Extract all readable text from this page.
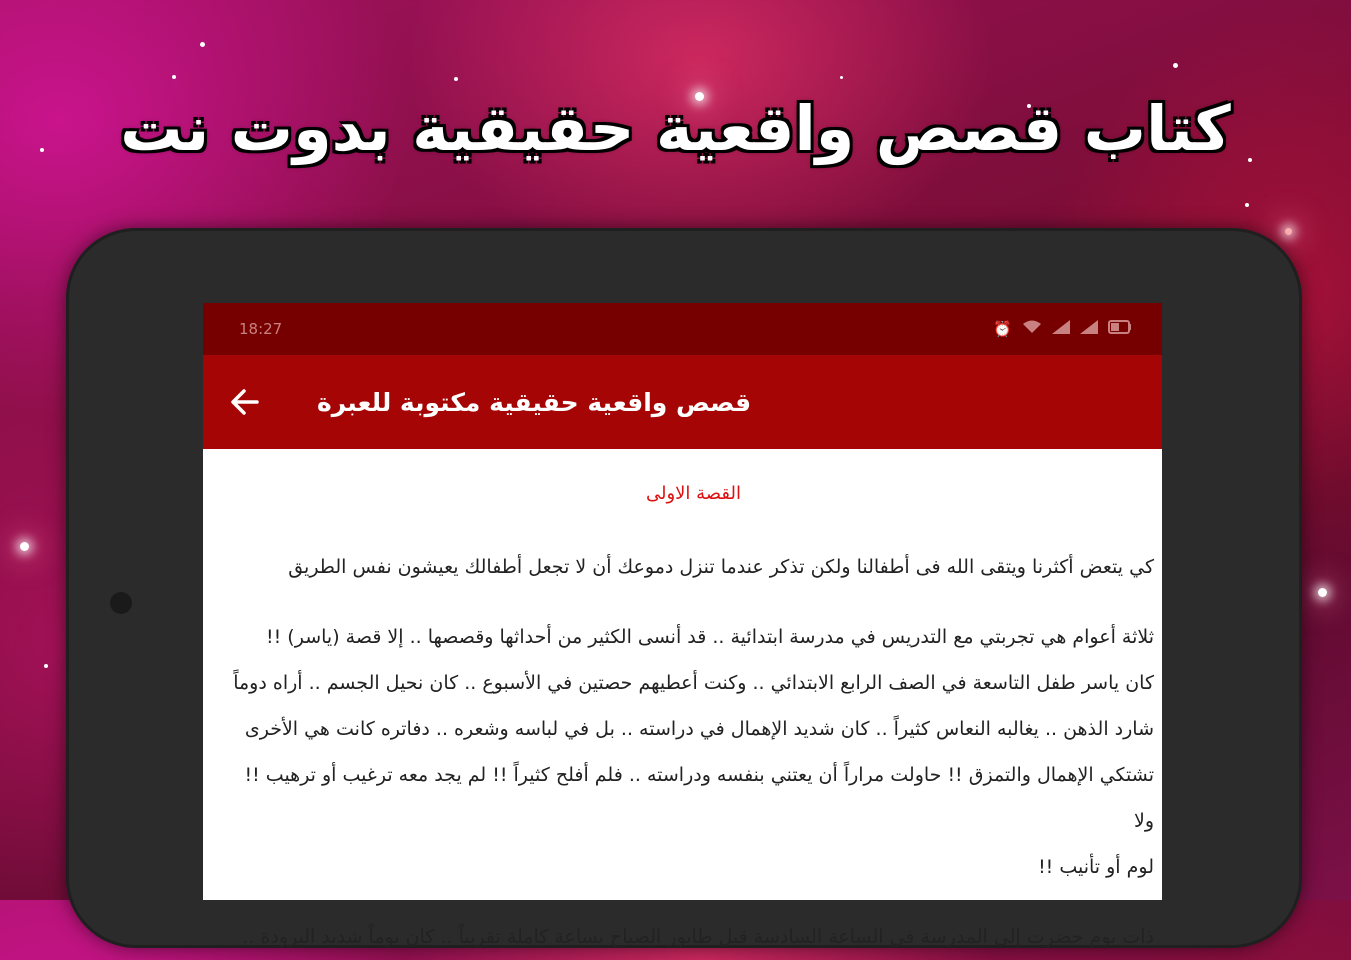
كتاب قصص واقعية حقيقية بدوت نت
18:27	⏰
قصص واقعية حقيقية مكتوبة للعبرة
القصة الاولى

كي يتعض أكثرنا ويتقى الله فى أطفالنا ولكن تذكر عندما تنزل دموعك أن لا تجعل أطفالك يعيشون نفس الطريق

ثلاثة أعوام هي تجربتي مع التدريس في مدرسة ابتدائية .. قد أنسى الكثير من أحداثها وقصصها .. إلا قصة (ياسر) !!

كان ياسر طفل التاسعة في الصف الرابع الابتدائي .. وكنت أعطيهم حصتين في الأسبوع .. كان نحيل الجسم .. أراه دوماً

شارد الذهن .. يغالبه النعاس كثيراً .. كان شديد الإهمال في دراسته .. بل في لباسه وشعره .. دفاتره كانت هي الأخرى

تشتكي الإهمال والتمزق !! حاولت مراراً أن يعتني بنفسه ودراسته .. فلم أفلح كثيراً !! لم يجد معه ترغيب أو ترهيب !! ولا

لوم أو تأنيب !!

ذات يوم حضرت إلى المدرسة في الساعة السادسة قبل طابور الصباح بساعة كاملة تقريباً .. كان يوماً شديد البرودة ..
